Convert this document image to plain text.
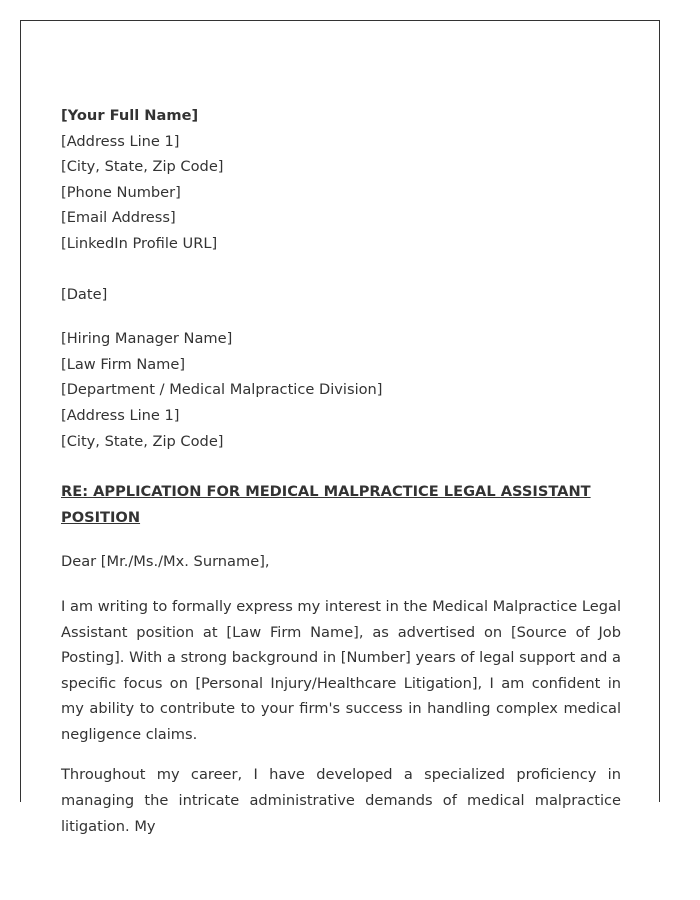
[Your Full Name]
[Address Line 1]
[City, State, Zip Code]
[Phone Number]
[Email Address]
[LinkedIn Profile URL]
[Date]
[Hiring Manager Name]
[Law Firm Name]
[Department / Medical Malpractice Division]
[Address Line 1]
[City, State, Zip Code]

RE: APPLICATION FOR MEDICAL MALPRACTICE LEGAL ASSISTANT POSITION

Dear [Mr./Ms./Mx. Surname],

I am writing to formally express my interest in the Medical Malpractice Legal Assistant position at [Law Firm Name], as advertised on [Source of Job Posting]. With a strong background in [Number] years of legal support and a specific focus on [Personal Injury/Healthcare Litigation], I am confident in my ability to contribute to your firm's success in handling complex medical negligence claims.

Throughout my career, I have developed a specialized proficiency in managing the intricate administrative demands of medical malpractice litigation. My
